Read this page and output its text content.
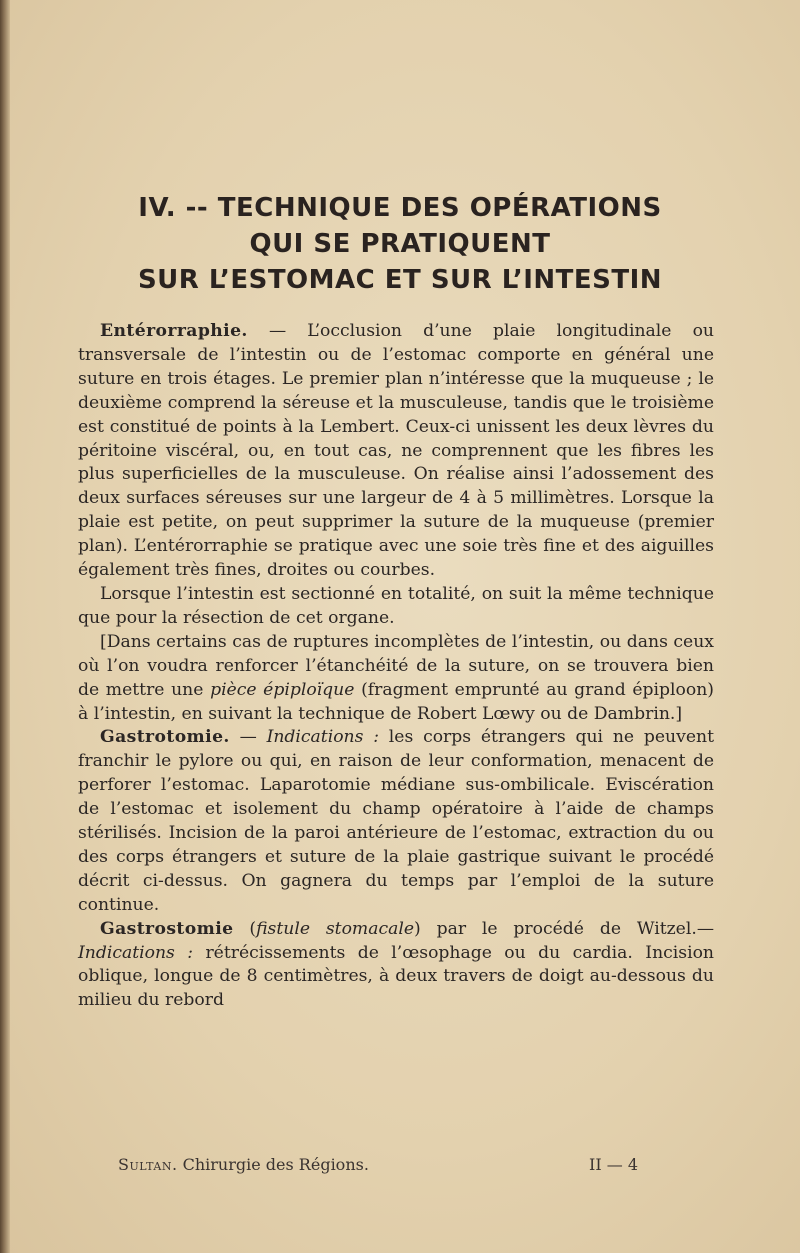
IV. -- TECHNIQUE DES OPÉRATIONS
QUI SE PRATIQUENT
SUR L’ESTOMAC ET SUR L’INTESTIN

Entérorraphie. — L’occlusion d’une plaie longitudinale ou transversale de l’intestin ou de l’estomac comporte en général une suture en trois étages. Le premier plan n’intéresse que la muqueuse ; le deuxième comprend la séreuse et la musculeuse, tandis que le troisième est constitué de points à la Lembert. Ceux-ci unissent les deux lèvres du péritoine viscéral, ou, en tout cas, ne comprennent que les fibres les plus superficielles de la musculeuse. On réalise ainsi l’adossement des deux surfaces séreuses sur une largeur de 4 à 5 millimètres. Lorsque la plaie est petite, on peut supprimer la suture de la muqueuse (premier plan). L’entérorraphie se pratique avec une soie très fine et des aiguilles également très fines, droites ou courbes.

Lorsque l’intestin est sectionné en totalité, on suit la même technique que pour la résection de cet organe.

[Dans certains cas de ruptures incomplètes de l’intestin, ou dans ceux où l’on voudra renforcer l’étanchéité de la suture, on se trouvera bien de mettre une pièce épiploïque (fragment emprunté au grand épiploon) à l’intestin, en suivant la technique de Robert Lœwy ou de Dambrin.]

Gastrotomie. — Indications : les corps étrangers qui ne peuvent franchir le pylore ou qui, en raison de leur conformation, menacent de perforer l’estomac. Laparotomie médiane sus-ombilicale. Eviscération de l’estomac et isolement du champ opératoire à l’aide de champs stérilisés. Incision de la paroi antérieure de l’estomac, extraction du ou des corps étrangers et suture de la plaie gastrique suivant le procédé décrit ci-dessus. On gagnera du temps par l’emploi de la suture continue.

Gastrostomie (fistule stomacale) par le procédé de Witzel.— Indications : rétrécissements de l’œsophage ou du cardia. Incision oblique, longue de 8 centimètres, à deux travers de doigt au-dessous du milieu du rebord

Sultan. Chirurgie des Régions.	II — 4
